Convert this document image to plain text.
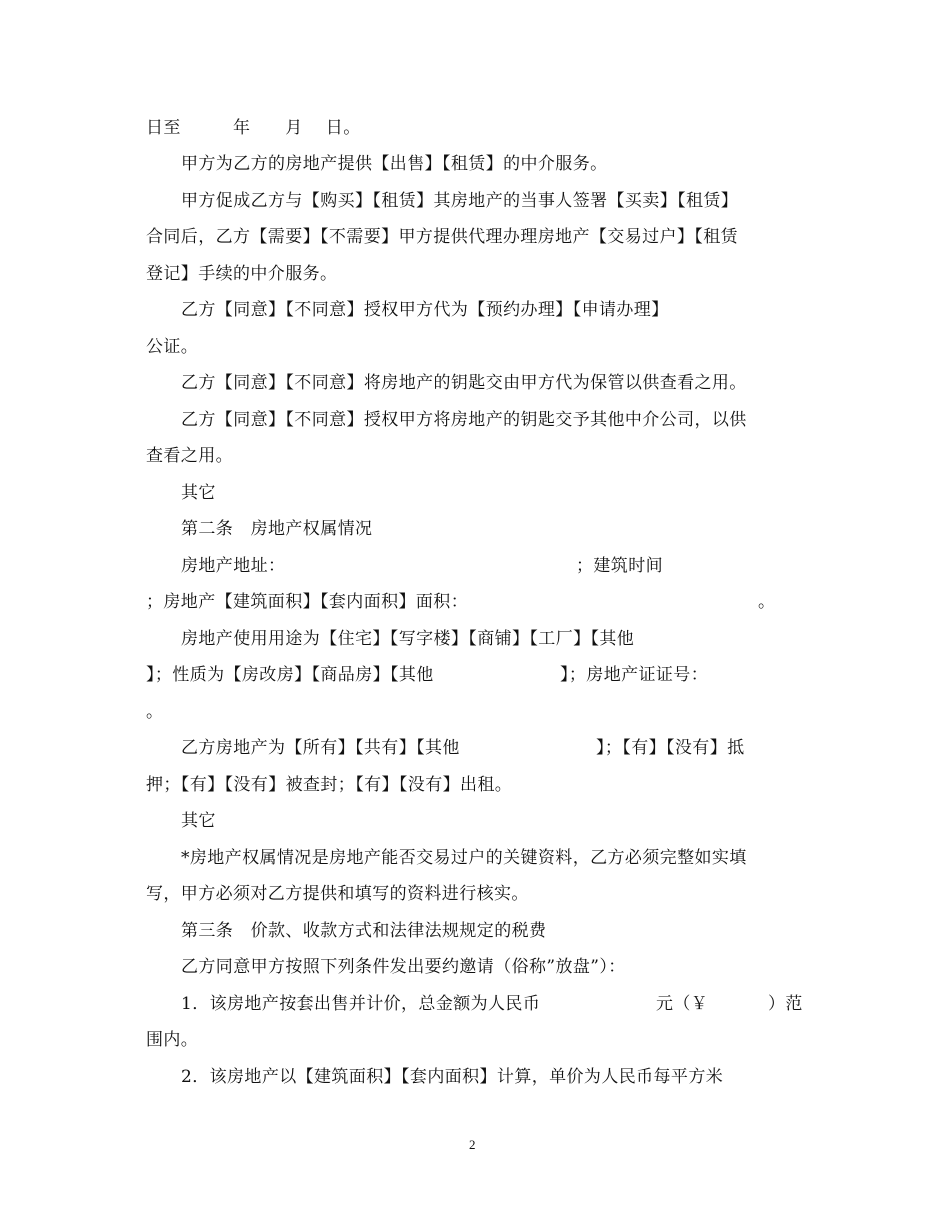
日至　　　年　　月　 日。
甲方为乙方的房地产提供【出售】【租赁】的中介服务。
甲方促成乙方与【购买】【租赁】其房地产的当事人签署【买卖】【租赁】
合同后，乙方【需要】【不需要】甲方提供代理办理房地产【交易过户】【租赁
登记】手续的中介服务。
乙方【同意】【不同意】授权甲方代为【预约办理】【申请办理】
公证。
乙方【同意】【不同意】将房地产的钥匙交由甲方代为保管以供查看之用。
乙方【同意】【不同意】授权甲方将房地产的钥匙交予其他中介公司，以供
查看之用。
其它
第二条　房地产权属情况
房地产地址：	；建筑时间
；房地产【建筑面积】【套内面积】面积：	。
房地产使用用途为【住宅】【写字楼】【商铺】【工厂】【其他
】；性质为【房改房】【商品房】【其他	】；房地产证证号：
。
乙方房地产为【所有】【共有】【其他	】；【有】【没有】抵
押；【有】【没有】被查封；【有】【没有】出租。
其它
*房地产权属情况是房地产能否交易过户的关键资料，乙方必须完整如实填
写，甲方必须对乙方提供和填写的资料进行核实。
第三条　价款、收款方式和法律法规规定的税费
乙方同意甲方按照下列条件发出要约邀请（俗称”放盘”）：
1．该房地产按套出售并计价，总金额为人民币	元（￥	）范
围内。
2．该房地产以【建筑面积】【套内面积】计算，单价为人民币每平方米
2
